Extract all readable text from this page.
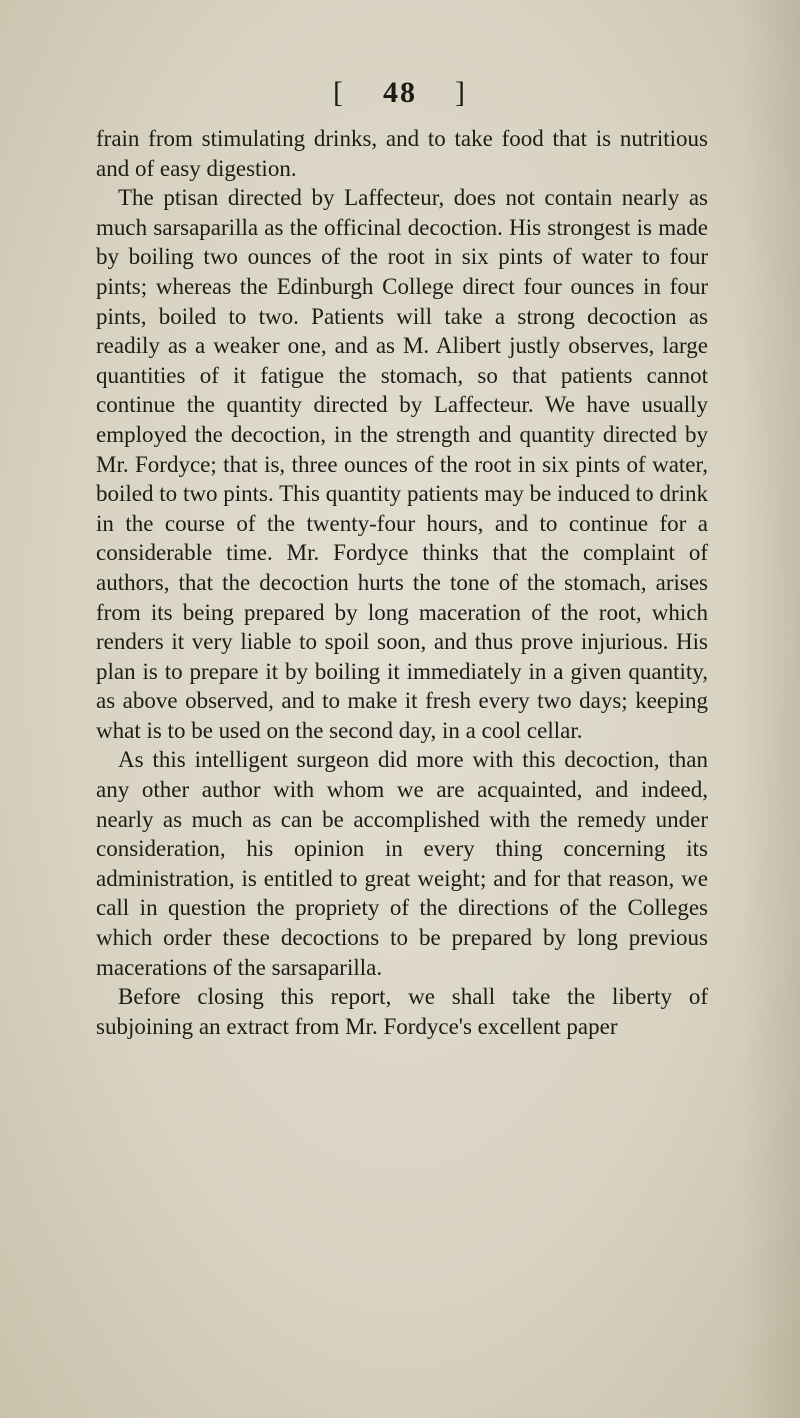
[ 48 ]

frain from stimulating drinks, and to take food that is nutritious and of easy digestion.

The ptisan directed by Laffecteur, does not contain nearly as much sarsaparilla as the officinal decoction. His strongest is made by boiling two ounces of the root in six pints of water to four pints; whereas the Edinburgh College direct four ounces in four pints, boiled to two. Patients will take a strong decoction as readily as a weaker one, and as M. Alibert justly observes, large quantities of it fatigue the stomach, so that patients cannot continue the quantity directed by Laffecteur. We have usually employed the decoction, in the strength and quantity directed by Mr. Fordyce; that is, three ounces of the root in six pints of water, boiled to two pints. This quantity patients may be induced to drink in the course of the twenty-four hours, and to continue for a considerable time. Mr. Fordyce thinks that the complaint of authors, that the decoction hurts the tone of the stomach, arises from its being prepared by long maceration of the root, which renders it very liable to spoil soon, and thus prove injurious. His plan is to prepare it by boiling it immediately in a given quantity, as above observed, and to make it fresh every two days; keeping what is to be used on the second day, in a cool cellar.

As this intelligent surgeon did more with this decoction, than any other author with whom we are acquainted, and indeed, nearly as much as can be accomplished with the remedy under consideration, his opinion in every thing concerning its administration, is entitled to great weight; and for that reason, we call in question the propriety of the directions of the Colleges which order these decoctions to be prepared by long previous macerations of the sarsaparilla.

Before closing this report, we shall take the liberty of subjoining an extract from Mr. Fordyce's excellent paper
